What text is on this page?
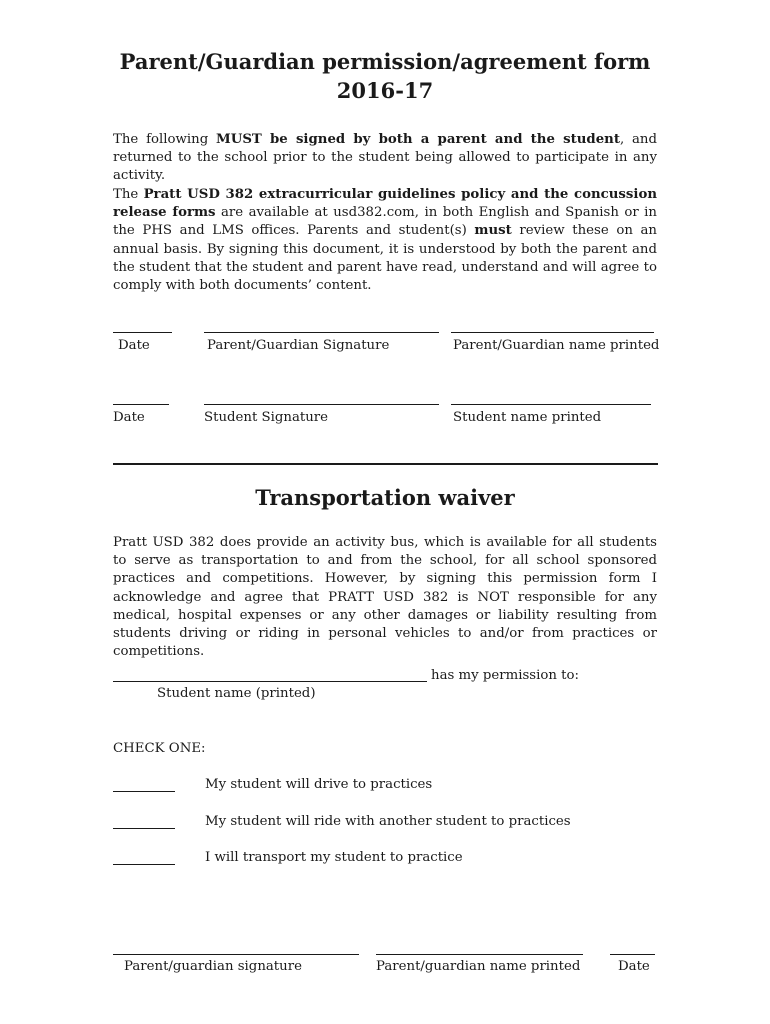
Parent/Guardian permission/agreement form
2016-17
The following MUST be signed by both a parent and the student, and returned to the school prior to the student being allowed to participate in any activity.
The Pratt USD 382 extracurricular guidelines policy and the concussion release forms are available at usd382.com, in both English and Spanish or in the PHS and LMS offices. Parents and student(s) must review these on an annual basis. By signing this document, it is understood by both the parent and the student that the student and parent have read, understand and will agree to comply with both documents’ content.
Date	Parent/Guardian Signature	Parent/Guardian name printed
Date	Student Signature	Student name printed
Transportation waiver
Pratt USD 382 does provide an activity bus, which is available for all students to serve as transportation to and from the school, for all school sponsored practices and competitions. However, by signing this permission form I acknowledge and agree that PRATT USD 382 is NOT responsible for any medical, hospital expenses or any other damages or liability resulting from students driving or riding in personal vehicles to and/or from practices or competitions.
has my permission to:
Student name (printed)
CHECK ONE:
My student will drive to practices
My student will ride with another student to practices
I will transport my student to practice
Parent/guardian signature	Parent/guardian name printed	Date
